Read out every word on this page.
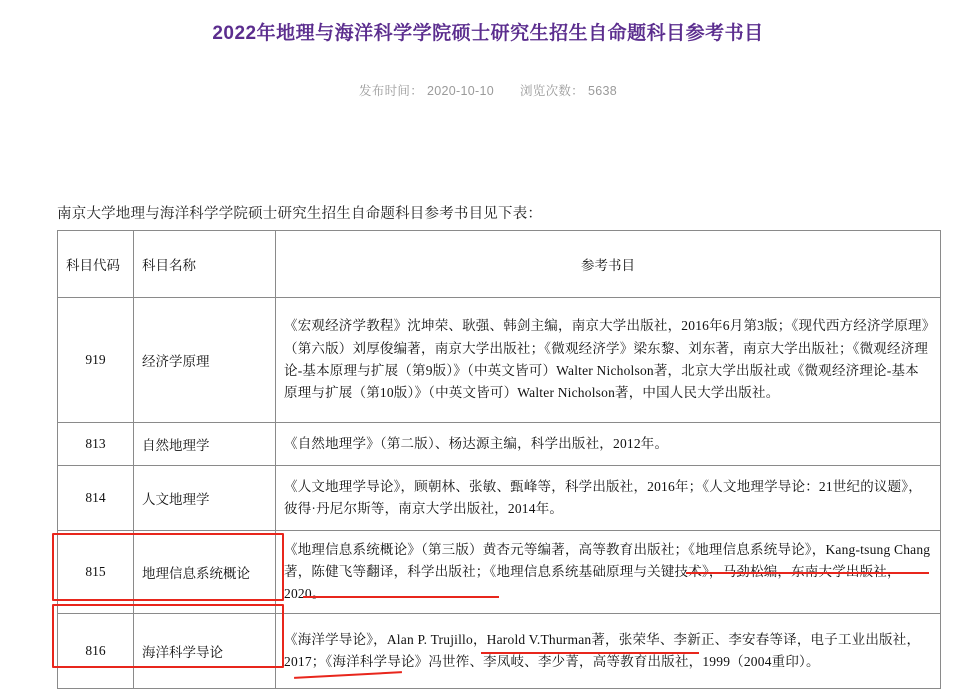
2022年地理与海洋科学学院硕士研究生招生自命题科目参考书目
发布时间： 2020-10-10 浏览次数： 5638
南京大学地理与海洋科学学院硕士研究生招生自命题科目参考书目见下表：
科目代码	科目名称	参考书目
919	经济学原理	《宏观经济学教程》沈坤荣、耿强、韩剑主编，南京大学出版社，2016年6月第3版；《现代西方经济学原理》（第六版）刘厚俊编著，南京大学出版社；《微观经济学》梁东黎、刘东著，南京大学出版社；《微观经济理论-基本原理与扩展（第9版）》（中英文皆可）Walter Nicholson著，北京大学出版社或《微观经济理论-基本原理与扩展（第10版）》（中英文皆可）Walter Nicholson著，中国人民大学出版社。
813	自然地理学	《自然地理学》（第二版）、杨达源主编，科学出版社，2012年。
814	人文地理学	《人文地理学导论》，顾朝林、张敏、甄峰等，科学出版社，2016年；《人文地理学导论：21世纪的议题》，彼得·丹尼尔斯等，南京大学出版社，2014年。
815	地理信息系统概论	《地理信息系统概论》（第三版）黄杏元等编著，高等教育出版社；《地理信息系统导论》，Kang-tsung Chang著，陈健飞等翻译，科学出版社；《地理信息系统基础原理与关键技术》，马劲松编，东南大学出版社，2020。
816	海洋科学导论	《海洋学导论》，Alan P. Trujillo，Harold V.Thurman著，张荣华、李新正、李安春等译，电子工业出版社，2017；《海洋科学导论》冯世筰、李凤岐、李少菁，高等教育出版社，1999（2004重印）。
